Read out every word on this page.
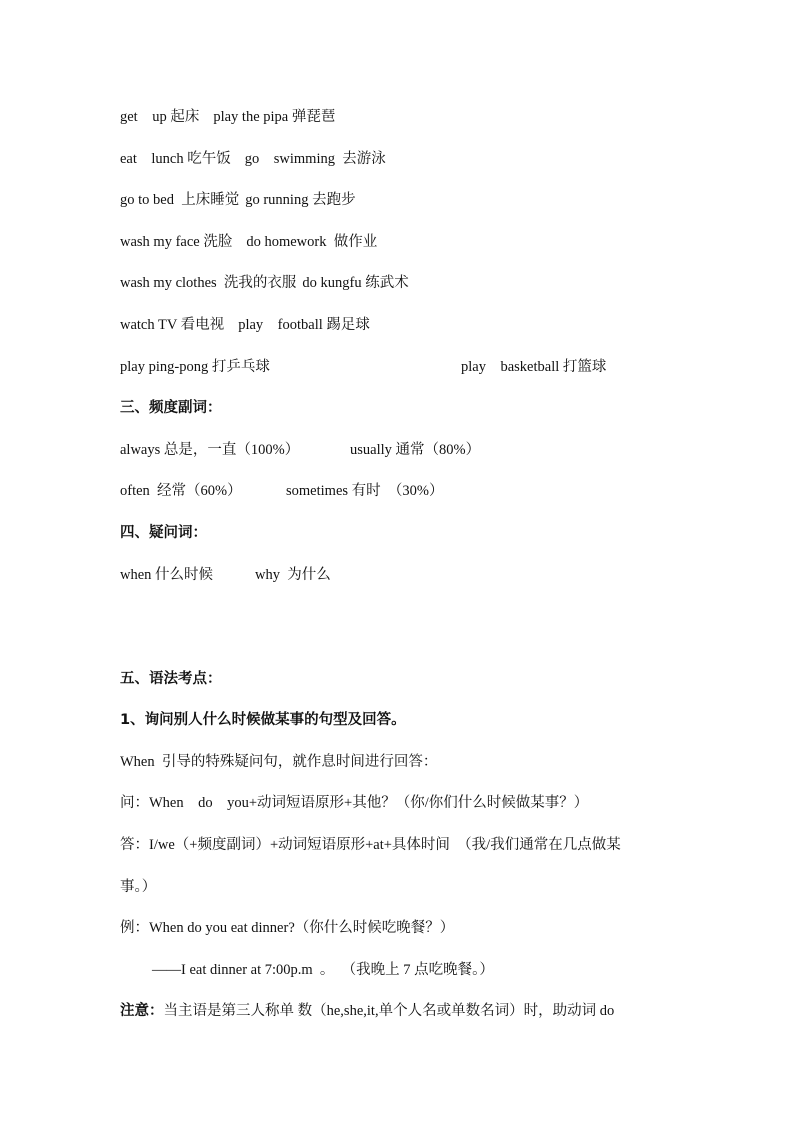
get    up 起床 play the pipa 弹琵琶
eat    lunch 吃午饭 go    swimming  去游泳
go to bed  上床睡觉 go running 去跑步
wash my face 洗脸 do homework  做作业
wash my clothes  洗我的衣服 do kungfu 练武术
watch TV 看电视 play    football 踢足球
play ping-pong 打乒乓球	play    basketball 打篮球
三、频度副词：
always 总是，一直（100%）	usually 通常（80%）
often  经常（60%）	sometimes 有时  （30%）
四、疑问词：
when 什么时候	why  为什么
五、语法考点：
1、询问别人什么时候做某事的句型及回答。
When  引导的特殊疑问句，就作息时间进行回答：
问：When    do    you+动词短语原形+其他？（你/你们什么时候做某事？）
答：I/we（+频度副词）+动词短语原形+at+具体时间  （我/我们通常在几点做某
事。）
例：When do you eat dinner?（你什么时候吃晚餐？）
——I eat dinner at 7:00p.m  。  （我晚上 7 点吃晚餐。）
注意：当主语是第三人称单 数（he,she,it,单个人名或单数名词）时，助动词 do
